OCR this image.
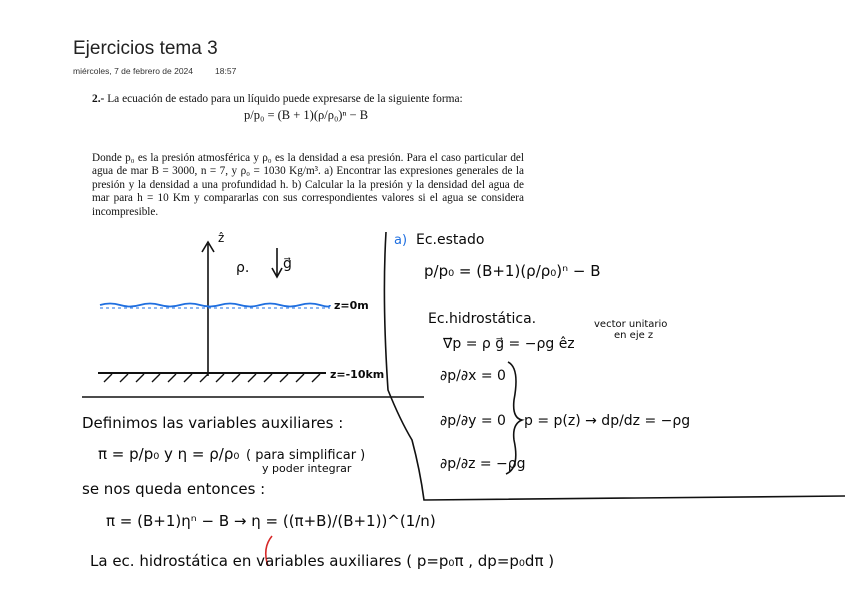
Ejercicios tema 3
miércoles, 7 de febrero de 2024	18:57
2.- La ecuación de estado para un líquido puede expresarse de la siguiente forma:
p/p₀ = (B + 1)(ρ/ρ₀)ⁿ − B
Donde p₀ es la presión atmosférica y ρ₀ es la densidad a esa presión. Para el caso particular del agua de mar B = 3000, n = 7, y ρ₀ = 1030 Kg/m³. a) Encontrar las expresiones generales de la presión y la densidad a una profundidad h. b) Calcular la la presión y la densidad del agua de mar para h = 10 Km y compararlas con sus correspondientes valores si el agua se considera incompresible.
ẑ
ρ. g⃗
z=0m
z=-10km
a) Ec.estado
p/p₀ = (B+1)(ρ/ρ₀)ⁿ − B
Ec.hidrostática.
∇⃗p = ρ g⃗ = −ρg êz
vector unitario
en eje z
∂p/∂x = 0
∂p/∂y = 0
∂p/∂z = −ρg
p = p(z) → dp/dz = −ρg
Definimos las variables auxiliares :
π = p/p₀ y η = ρ/ρ₀ ( para simplificar )
y poder integrar
se nos queda entonces :
π = (B+1)ηⁿ − B → η = ((π+B)/(B+1))^(1/n)
La ec. hidrostática en variables auxiliares ( p=p₀π , dp=p₀dπ )
